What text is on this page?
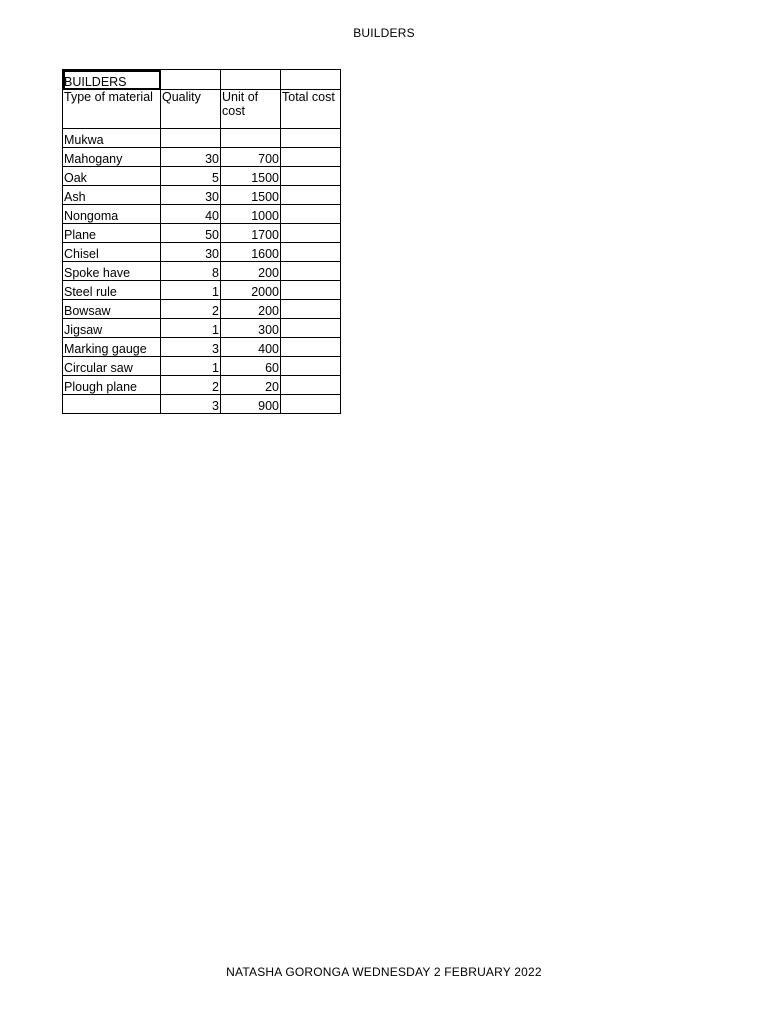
BUILDERS
BUILDERS			
Type of material	Quality	Unit of cost	Total cost
Mukwa			
Mahogany	30	700	
Oak	5	1500	
Ash	30	1500	
Nongoma	40	1000	
Plane	50	1700	
Chisel	30	1600	
Spoke have	8	200	
Steel rule	1	2000	
Bowsaw	2	200	
Jigsaw	1	300	
Marking gauge	3	400	
Circular saw	1	60	
Plough plane	2	20	
	3	900	
NATASHA GORONGA WEDNESDAY 2 FEBRUARY 2022
